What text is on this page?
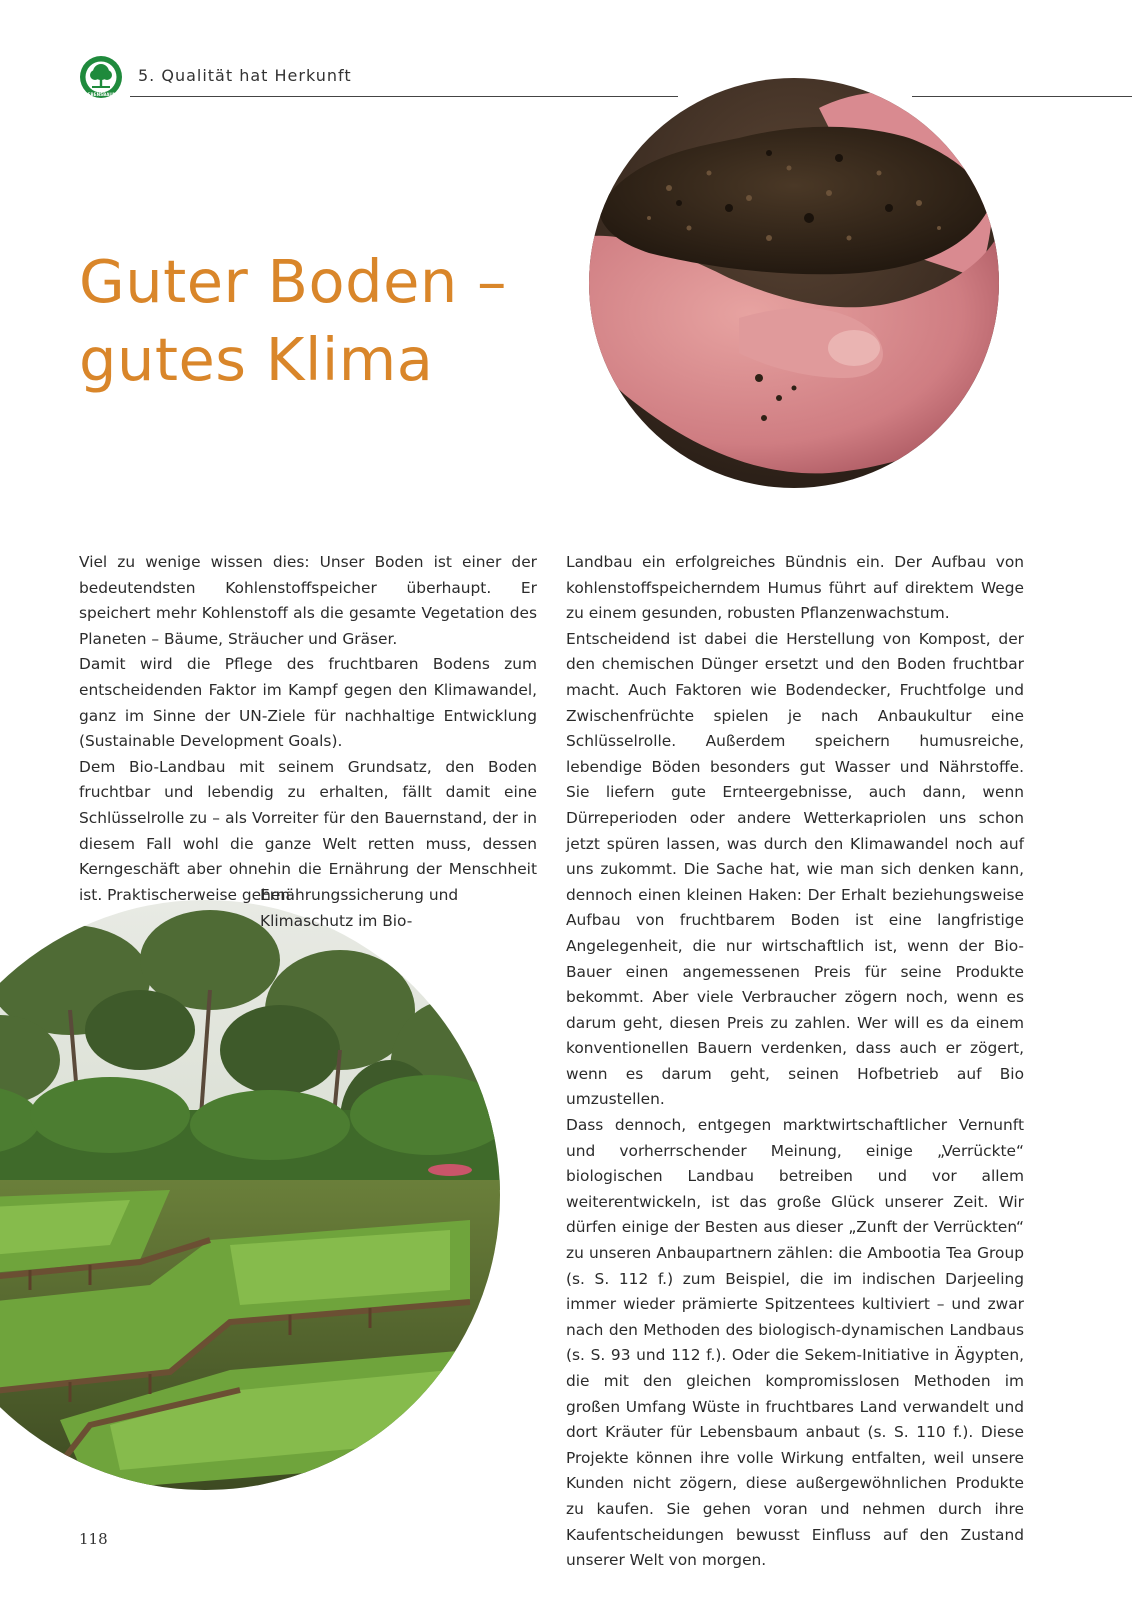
LEBENSBAUM
5. Qualität hat Herkunft
Guter Boden –
gutes Klima

Viel zu wenige wissen dies: Unser Boden ist einer der bedeutendsten Kohlenstoffspeicher überhaupt. Er speichert mehr Kohlenstoff als die gesamte Vegetation des Planeten – Bäume, Sträucher und Gräser.

Damit wird die Pflege des fruchtbaren Bodens zum entscheidenden Faktor im Kampf gegen den Klimawandel, ganz im Sinne der UN-Ziele für nachhaltige Entwicklung (Sustainable Development Goals).

Dem Bio-Landbau mit seinem Grundsatz, den Boden fruchtbar und lebendig zu erhalten, fällt damit eine Schlüsselrolle zu – als Vorreiter für den Bauernstand, der in diesem Fall wohl die ganze Welt retten muss, dessen Kerngeschäft aber ohnehin die Ernährung der Menschheit ist. Praktischerweise gehen

Ernährungssicherung und
Klimaschutz im Bio-

Landbau ein erfolgreiches Bündnis ein. Der Aufbau von kohlenstoffspeicherndem Humus führt auf direktem Wege zu einem gesunden, robusten Pflanzenwachstum.

Entscheidend ist dabei die Herstellung von Kompost, der den chemischen Dünger ersetzt und den Boden fruchtbar macht. Auch Faktoren wie Bodendecker, Fruchtfolge und Zwischenfrüchte spielen je nach Anbaukultur eine Schlüsselrolle. Außerdem speichern humusreiche, lebendige Böden besonders gut Wasser und Nährstoffe. Sie liefern gute Ernteergebnisse, auch dann, wenn Dürreperioden oder andere Wetterkapriolen uns schon jetzt spüren lassen, was durch den Klimawandel noch auf uns zukommt. Die Sache hat, wie man sich denken kann, dennoch einen kleinen Haken: Der Erhalt beziehungsweise Aufbau von fruchtbarem Boden ist eine langfristige Angelegenheit, die nur wirtschaftlich ist, wenn der Bio-Bauer einen angemessenen Preis für seine Produkte bekommt. Aber viele Verbraucher zögern noch, wenn es darum geht, diesen Preis zu zahlen. Wer will es da einem konventionellen Bauern verdenken, dass auch er zögert, wenn es darum geht, seinen Hofbetrieb auf Bio umzustellen.

Dass dennoch, entgegen marktwirtschaftlicher Vernunft und vorherrschender Meinung, einige „Verrückte“ biologischen Landbau betreiben und vor allem weiterentwickeln, ist das große Glück unserer Zeit. Wir dürfen einige der Besten aus dieser „Zunft der Verrückten“ zu unseren Anbaupartnern zählen: die Ambootia Tea Group (s. S. 112 f.) zum Beispiel, die im indischen Darjeeling immer wieder prämierte Spitzentees kultiviert – und zwar nach den Methoden des biologisch-dynamischen Landbaus (s. S. 93 und 112 f.). Oder die Sekem-Initiative in Ägypten, die mit den gleichen kompromisslosen Methoden im großen Umfang Wüste in fruchtbares Land verwandelt und dort Kräuter für Lebensbaum anbaut (s. S. 110 f.). Diese Projekte können ihre volle Wirkung entfalten, weil unsere Kunden nicht zögern, diese außergewöhnlichen Produkte zu kaufen. Sie gehen voran und nehmen durch ihre Kaufentscheidungen bewusst Einfluss auf den Zustand unserer Welt von morgen.

118
